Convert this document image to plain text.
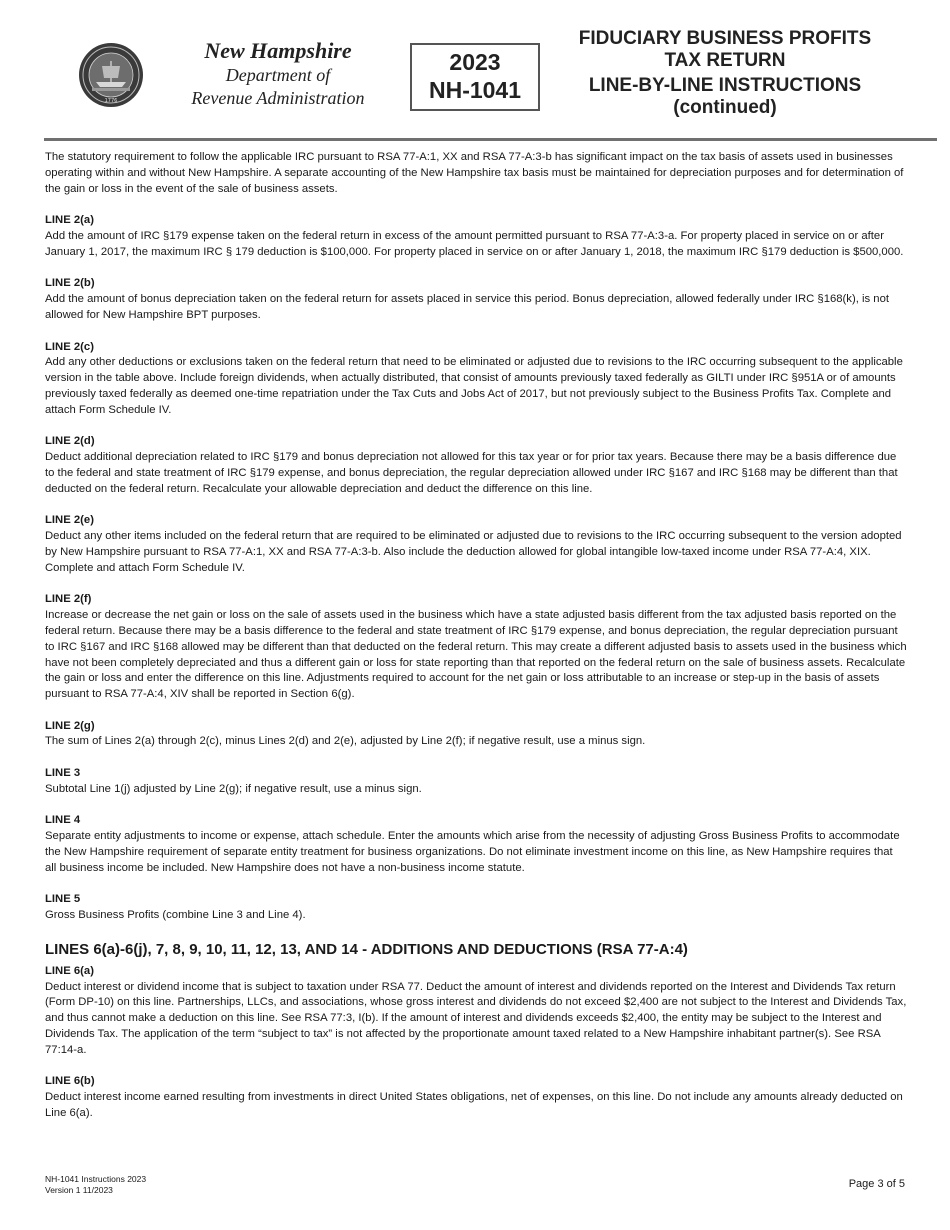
1776
New Hampshire
Department of
Revenue Administration
2023
NH-1041
FIDUCIARY BUSINESS PROFITS
TAX RETURN
LINE-BY-LINE INSTRUCTIONS
(continued)

The statutory requirement to follow the applicable IRC pursuant to RSA 77-A:1, XX and RSA 77-A:3-b has significant impact on the tax basis of assets used in businesses operating within and without New Hampshire. A separate accounting of the New Hampshire tax basis must be maintained for depreciation purposes and for determination of the gain or loss in the event of the sale of business assets.

LINE 2(a)

Add the amount of IRC §179 expense taken on the federal return in excess of the amount permitted pursuant to RSA 77-A:3-a. For property placed in service on or after January 1, 2017, the maximum IRC § 179 deduction is $100,000. For property placed in service on or after January 1, 2018, the maximum IRC §179 deduction is $500,000.

LINE 2(b)

Add the amount of bonus depreciation taken on the federal return for assets placed in service this period. Bonus depreciation, allowed federally under IRC §168(k), is not allowed for New Hampshire BPT purposes.

LINE 2(c)

Add any other deductions or exclusions taken on the federal return that need to be eliminated or adjusted due to revisions to the IRC occurring subsequent to the applicable version in the table above. Include foreign dividends, when actually distributed, that consist of amounts previously taxed federally as GILTI under IRC §951A or of amounts previously taxed federally as deemed one-time repatriation under the Tax Cuts and Jobs Act of 2017, but not previously subject to the Business Profits Tax. Complete and attach Form Schedule IV.

LINE 2(d)

Deduct additional depreciation related to IRC §179 and bonus depreciation not allowed for this tax year or for prior tax years. Because there may be a basis difference due to the federal and state treatment of IRC §179 expense, and bonus depreciation, the regular depreciation allowed under IRC §167 and IRC §168 may be different than that deducted on the federal return. Recalculate your allowable depreciation and deduct the difference on this line.

LINE 2(e)

Deduct any other items included on the federal return that are required to be eliminated or adjusted due to revisions to the IRC occurring subsequent to the version adopted by New Hampshire pursuant to RSA 77-A:1, XX and RSA 77-A:3-b. Also include the deduction allowed for global intangible low-taxed income under RSA 77-A:4, XIX. Complete and attach Form Schedule IV.

LINE 2(f)

Increase or decrease the net gain or loss on the sale of assets used in the business which have a state adjusted basis different from the tax adjusted basis reported on the federal return. Because there may be a basis difference to the federal and state treatment of IRC §179 expense, and bonus depreciation, the regular depreciation pursuant to IRC §167 and IRC §168 allowed may be different than that deducted on the federal return. This may create a different adjusted basis to assets used in the business which have not been completely depreciated and thus a different gain or loss for state reporting than that reported on the federal return on the sale of business assets. Recalculate the gain or loss and enter the difference on this line. Adjustments required to account for the net gain or loss attributable to an increase or step-up in the basis of assets pursuant to RSA 77-A:4, XIV shall be reported in Section 6(g).

LINE 2(g)

The sum of Lines 2(a) through 2(c), minus Lines 2(d) and 2(e), adjusted by Line 2(f); if negative result, use a minus sign.

LINE 3

Subtotal Line 1(j) adjusted by Line 2(g); if negative result, use a minus sign.

LINE 4

Separate entity adjustments to income or expense, attach schedule. Enter the amounts which arise from the necessity of adjusting Gross Business Profits to accommodate the New Hampshire requirement of separate entity treatment for business organizations. Do not eliminate investment income on this line, as New Hampshire requires that all business income be included. New Hampshire does not have a non-business income statute.

LINE 5

Gross Business Profits (combine Line 3 and Line 4).

LINES 6(a)-6(j), 7, 8, 9, 10, 11, 12, 13, AND 14 - ADDITIONS AND DEDUCTIONS (RSA 77-A:4)

LINE 6(a)

Deduct interest or dividend income that is subject to taxation under RSA 77. Deduct the amount of interest and dividends reported on the Interest and Dividends Tax return (Form DP-10) on this line. Partnerships, LLCs, and associations, whose gross interest and dividends do not exceed $2,400 are not subject to the Interest and Dividends Tax, and thus cannot make a deduction on this line. See RSA 77:3, I(b). If the amount of interest and dividends exceeds $2,400, the entity may be subject to the Interest and Dividends Tax. The application of the term “subject to tax” is not affected by the proportionate amount taxed related to a New Hampshire inhabitant partner(s). See RSA 77:14-a.

LINE 6(b)

Deduct interest income earned resulting from investments in direct United States obligations, net of expenses, on this line. Do not include any amounts already deducted on Line 6(a).

NH-1041 Instructions 2023
Version 1 11/2023	Page 3 of 5
